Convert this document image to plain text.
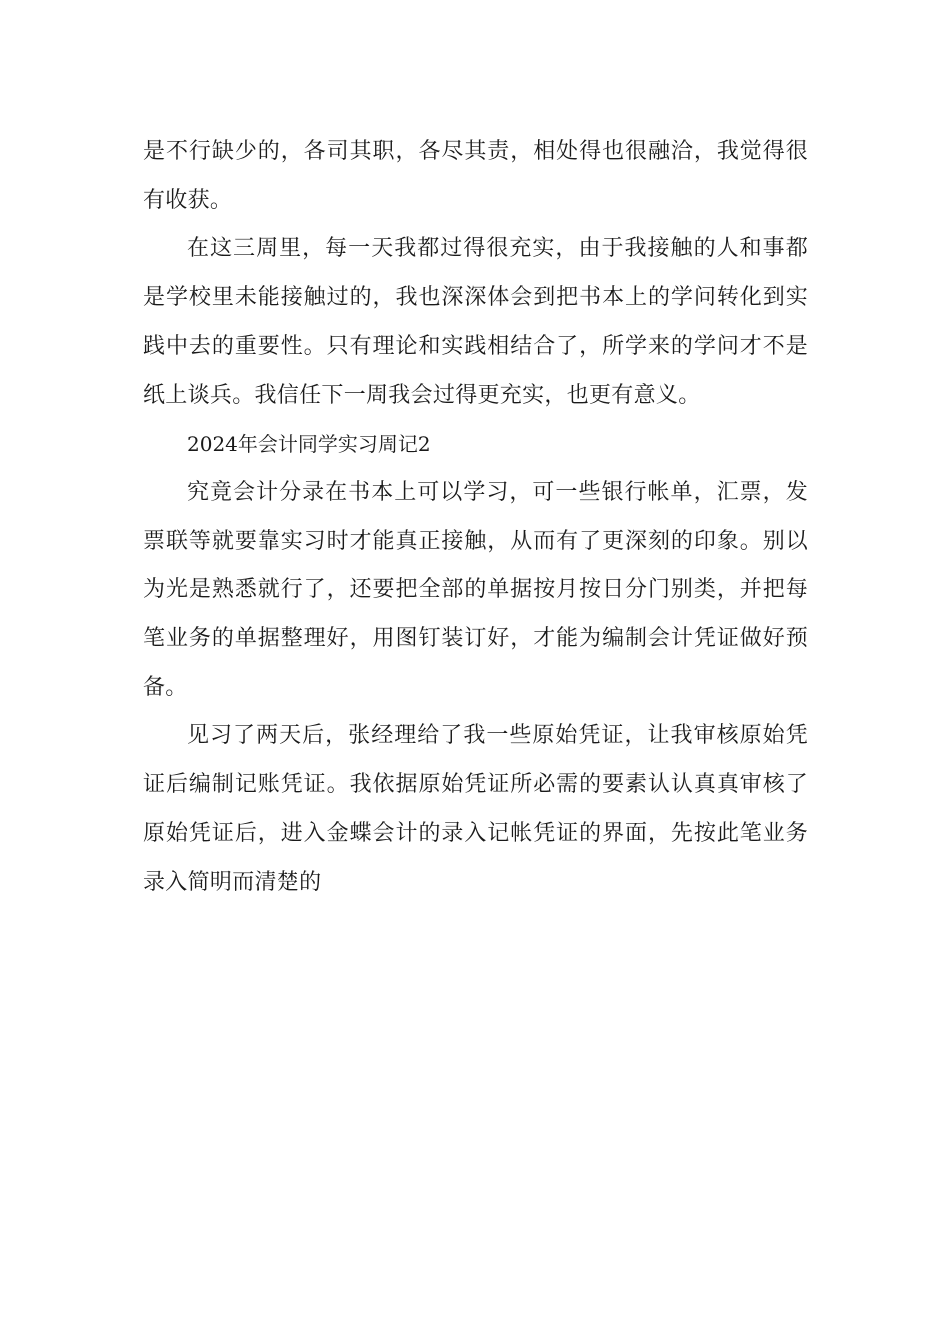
是不行缺少的，各司其职，各尽其责，相处得也很融洽，我觉得很有收获。

在这三周里，每一天我都过得很充实，由于我接触的人和事都是学校里未能接触过的，我也深深体会到把书本上的学问转化到实践中去的重要性。只有理论和实践相结合了，所学来的学问才不是纸上谈兵。我信任下一周我会过得更充实，也更有意义。

2024年会计同学实习周记2

究竟会计分录在书本上可以学习，可一些银行帐单，汇票，发票联等就要靠实习时才能真正接触，从而有了更深刻的印象。别以为光是熟悉就行了，还要把全部的单据按月按日分门别类，并把每笔业务的单据整理好，用图钉装订好，才能为编制会计凭证做好预备。

见习了两天后，张经理给了我一些原始凭证，让我审核原始凭证后编制记账凭证。我依据原始凭证所必需的要素认认真真审核了原始凭证后，进入金蝶会计的录入记帐凭证的界面，先按此笔业务录入简明而清楚的
